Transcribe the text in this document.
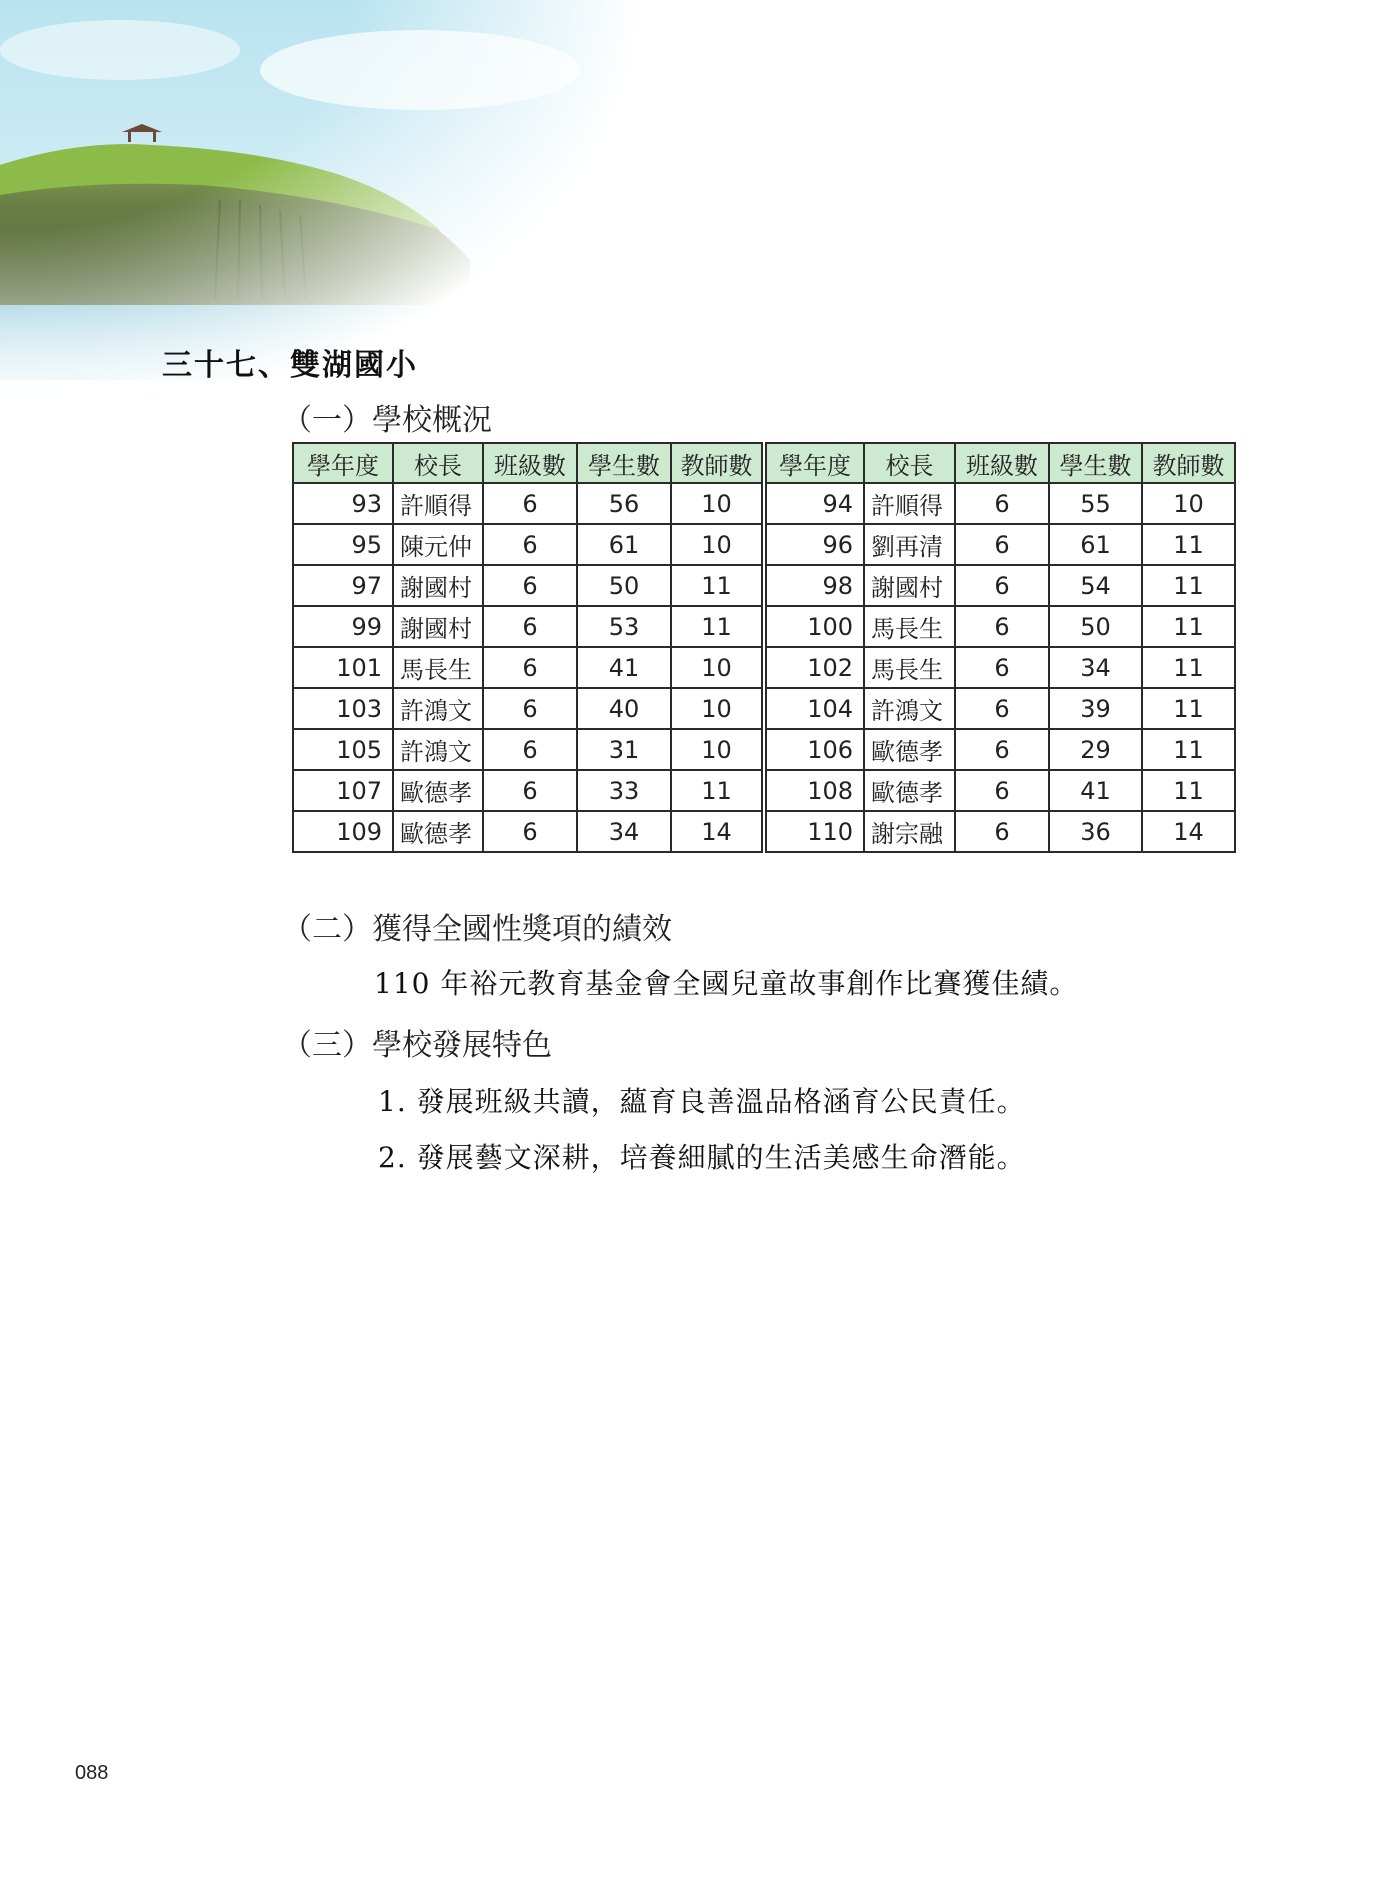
三十七、雙湖國小
（一）學校概況
學年度	校長	班級數	學生數	教師數	學年度	校長	班級數	學生數	教師數
93	許順得	6	56	10	94	許順得	6	55	10
95	陳元仲	6	61	10	96	劉再清	6	61	11
97	謝國村	6	50	11	98	謝國村	6	54	11
99	謝國村	6	53	11	100	馬長生	6	50	11
101	馬長生	6	41	10	102	馬長生	6	34	11
103	許鴻文	6	40	10	104	許鴻文	6	39	11
105	許鴻文	6	31	10	106	歐德孝	6	29	11
107	歐德孝	6	33	11	108	歐德孝	6	41	11
109	歐德孝	6	34	14	110	謝宗融	6	36	14
（二）獲得全國性獎項的績效
110 年裕元教育基金會全國兒童故事創作比賽獲佳績。
（三）學校發展特色
1. 發展班級共讀，蘊育良善溫品格涵育公民責任。
2. 發展藝文深耕，培養細膩的生活美感生命潛能。
088
